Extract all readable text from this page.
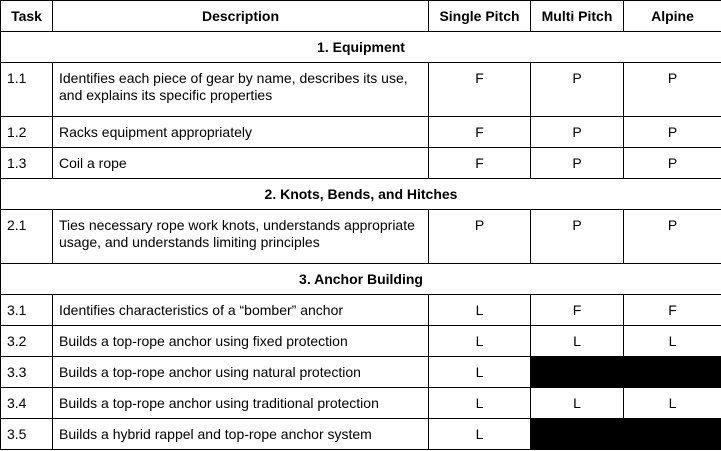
Task	Description	Single Pitch	Multi Pitch	Alpine
1. Equipment				
1.1	Identifies each piece of gear by name, describes its use, and explains its specific properties	F	P	P
1.2	Racks equipment appropriately	F	P	P
1.3	Coil a rope	F	P	P
2. Knots, Bends, and Hitches				
2.1	Ties necessary rope work knots, understands appropriate usage, and understands limiting principles	P	P	P
3. Anchor Building				
3.1	Identifies characteristics of a “bomber” anchor	L	F	F
3.2	Builds a top-rope anchor using fixed protection	L	L	L
3.3	Builds a top-rope anchor using natural protection	L		
3.4	Builds a top-rope anchor using traditional protection	L	L	L
3.5	Builds a hybrid rappel and top-rope anchor system	L		
